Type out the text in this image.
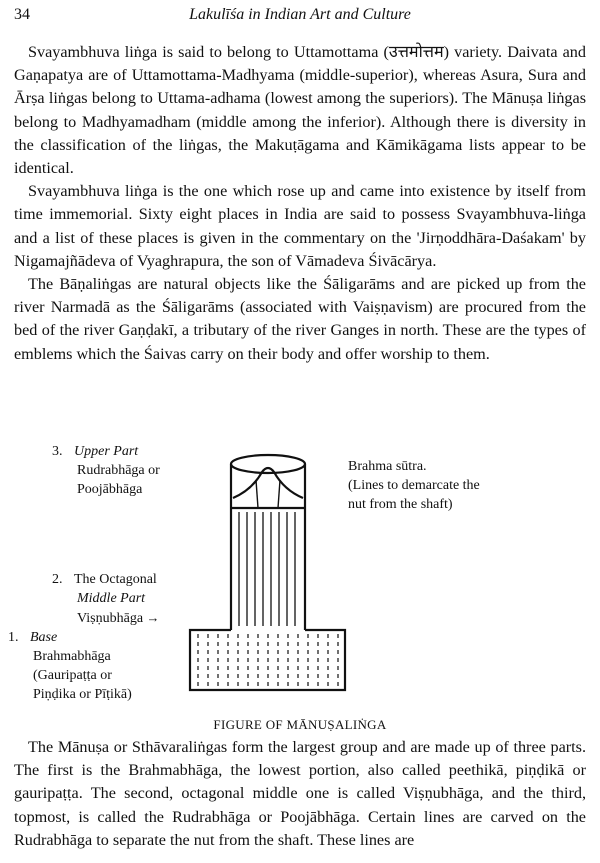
34	Lakulīśa in Indian Art and Culture

Svayambhuva liṅga is said to belong to Uttamottama (उत्तमोत्तम) variety. Daivata and Gaṇapatya are of Uttamottama-Madhyama (middle-superior), whereas Asura, Sura and Ārṣa liṅgas belong to Uttama-adhama (lowest among the superiors). The Mānuṣa liṅgas belong to Madhyamadham (middle among the inferior). Although there is diversity in the classification of the liṅgas, the Makuṭāgama and Kāmikāgama lists appear to be identical.

Svayambhuva liṅga is the one which rose up and came into existence by itself from time immemorial. Sixty eight places in India are said to possess Svayambhuva-liṅga and a list of these places is given in the commentary on the 'Jirṇoddhāra-Daśakam' by Nigamajñādeva of Vyaghrapura, the son of Vāmadeva Śivācārya.

The Bāṇaliṅgas are natural objects like the Śāligarāms and are picked up from the river Narmadā as the Śāligarāms (associated with Vaiṣṇavism) are procured from the bed of the river Gaṇḍakī, a tributary of the river Ganges in north. These are the types of emblems which the Śaivas carry on their body and offer worship to them.

3. Upper Part
Rudrabhāga or
Poojābhāga
Brahma sūtra.
(Lines to demarcate the
nut from the shaft)
2. The Octagonal
Middle Part
Viṣṇubhāga →
1. Base
Brahmabhāga
(Gauripaṭṭa or
Piṇḍika or Pīṭikā)
FIGURE OF MĀNUṢALIṄGA

The Mānuṣa or Sthāvaraliṅgas form the largest group and are made up of three parts. The first is the Brahmabhāga, the lowest portion, also called peethikā, piṇḍikā or gauripaṭṭa. The second, octagonal middle one is called Viṣṇubhāga, and the third, topmost, is called the Rudrabhāga or Poojābhāga. Certain lines are carved on the Rudrabhāga to separate the nut from the shaft. These lines are
